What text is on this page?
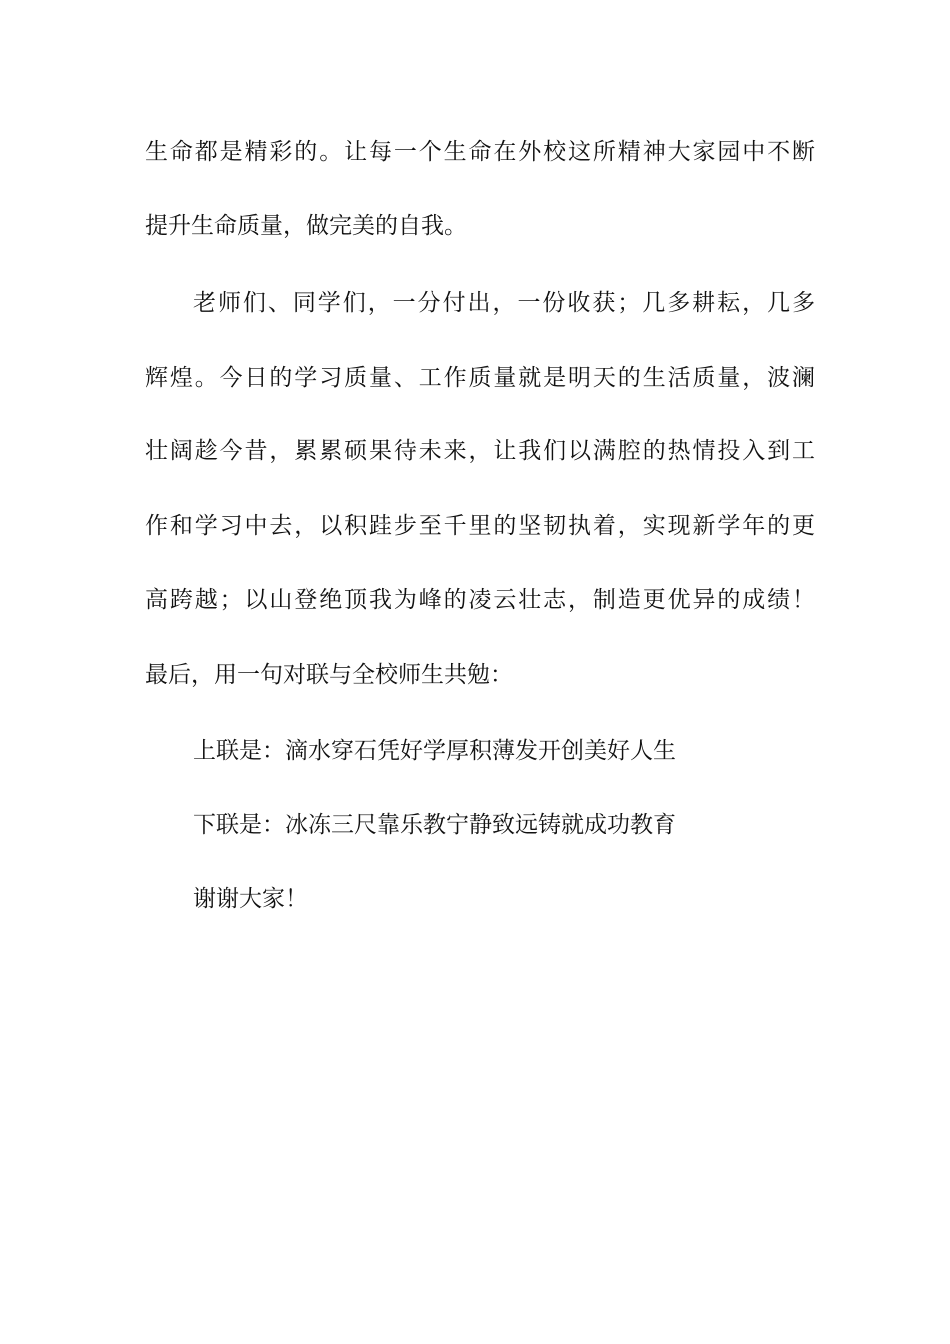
生命都是精彩的。让每一个生命在外校这所精神大家园中不断
提升生命质量，做完美的自我。
老师们、同学们，一分付出，一份收获；几多耕耘，几多
辉煌。今日的学习质量、工作质量就是明天的生活质量，波澜
壮阔趁今昔，累累硕果待未来，让我们以满腔的热情投入到工
作和学习中去，以积跬步至千里的坚韧执着，实现新学年的更
高跨越；以山登绝顶我为峰的凌云壮志，制造更优异的成绩！
最后，用一句对联与全校师生共勉：
上联是：滴水穿石凭好学厚积薄发开创美好人生
下联是：冰冻三尺靠乐教宁静致远铸就成功教育
谢谢大家！
